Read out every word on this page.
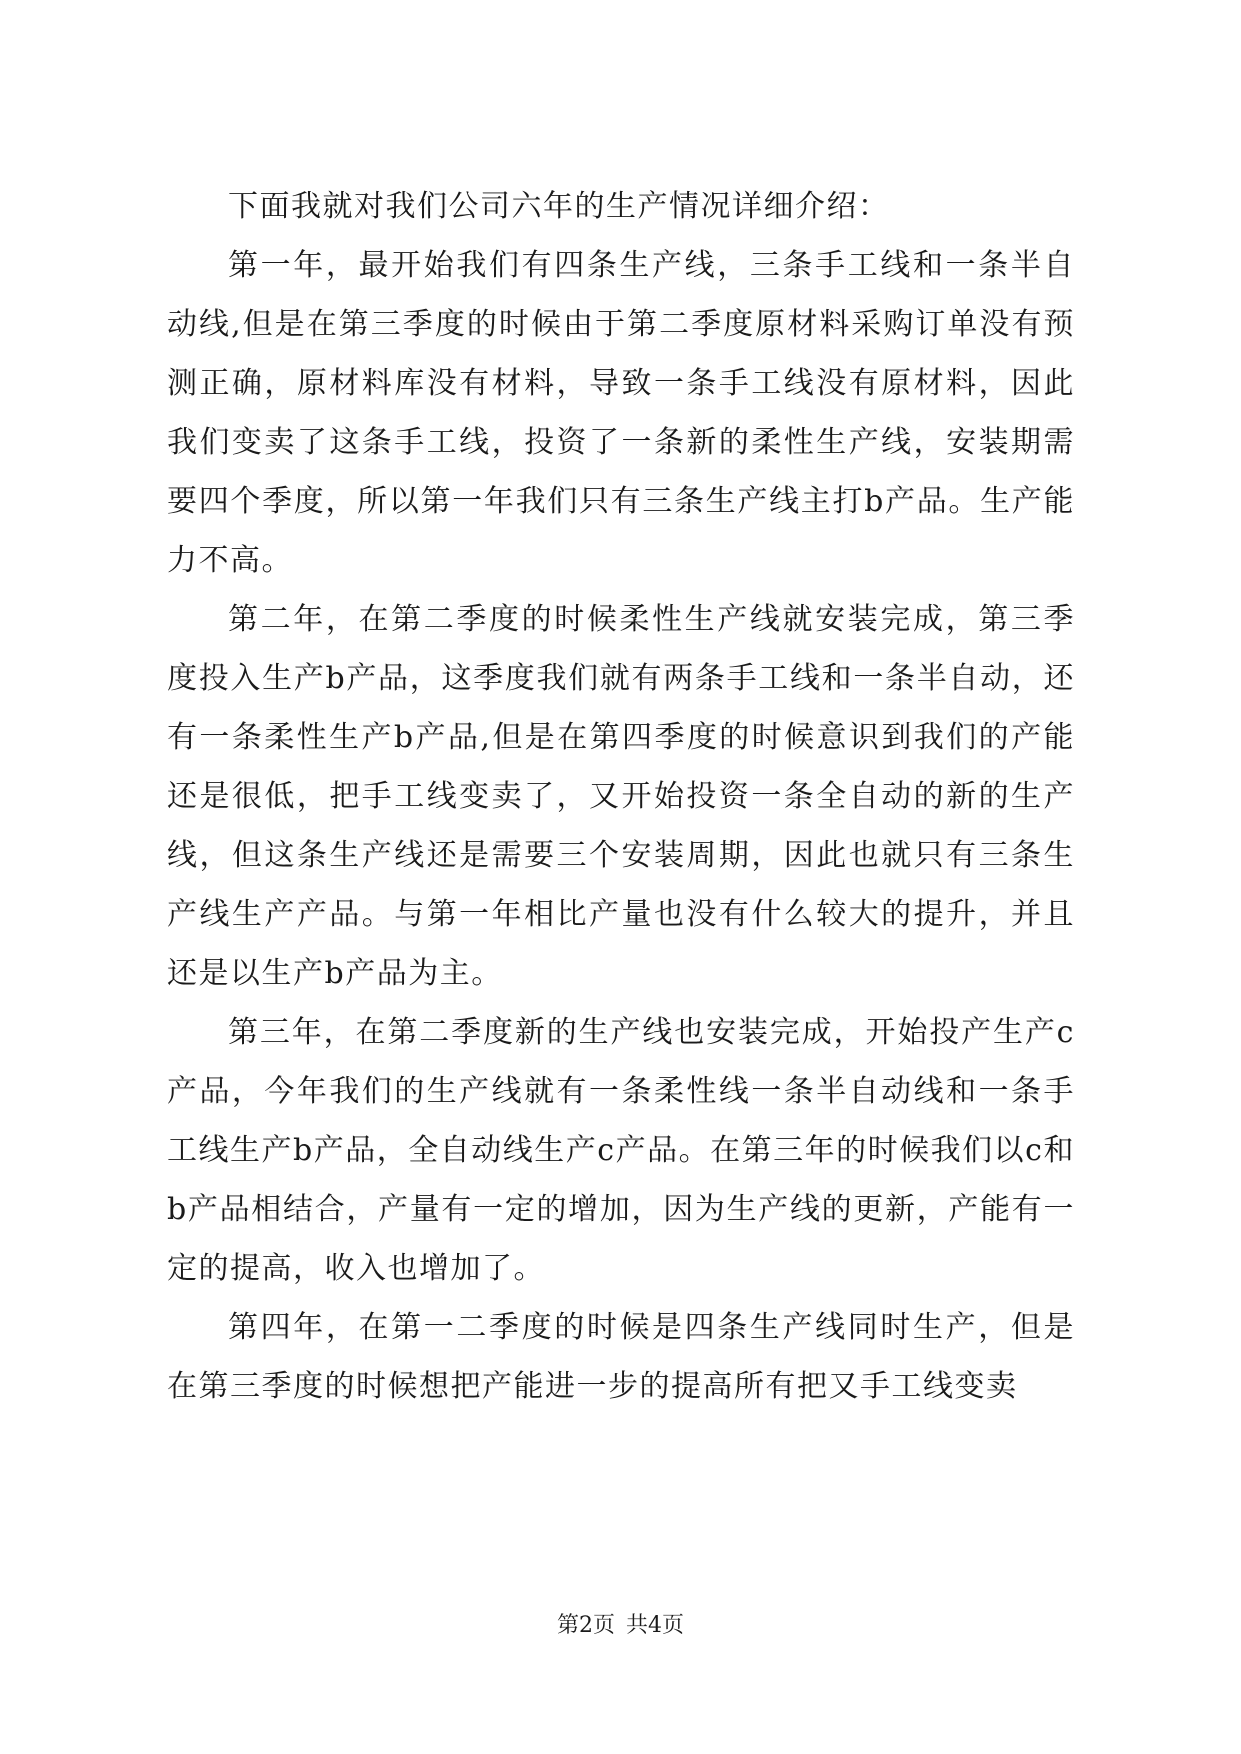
下面我就对我们公司六年的生产情况详细介绍：

第一年，最开始我们有四条生产线，三条手工线和一条半自动线,但是在第三季度的时候由于第二季度原材料采购订单没有预测正确，原材料库没有材料，导致一条手工线没有原材料，因此我们变卖了这条手工线，投资了一条新的柔性生产线，安装期需要四个季度，所以第一年我们只有三条生产线主打b产品。生产能力不高。

第二年，在第二季度的时候柔性生产线就安装完成，第三季度投入生产b产品，这季度我们就有两条手工线和一条半自动，还有一条柔性生产b产品,但是在第四季度的时候意识到我们的产能还是很低，把手工线变卖了，又开始投资一条全自动的新的生产线，但这条生产线还是需要三个安装周期，因此也就只有三条生产线生产产品。与第一年相比产量也没有什么较大的提升，并且还是以生产b产品为主。

第三年，在第二季度新的生产线也安装完成，开始投产生产c产品，今年我们的生产线就有一条柔性线一条半自动线和一条手工线生产b产品，全自动线生产c产品。在第三年的时候我们以c和b产品相结合，产量有一定的增加，因为生产线的更新，产能有一定的提高，收入也增加了。

第四年，在第一二季度的时候是四条生产线同时生产，但是在第三季度的时候想把产能进一步的提高所有把又手工线变卖

第2页 共4页
